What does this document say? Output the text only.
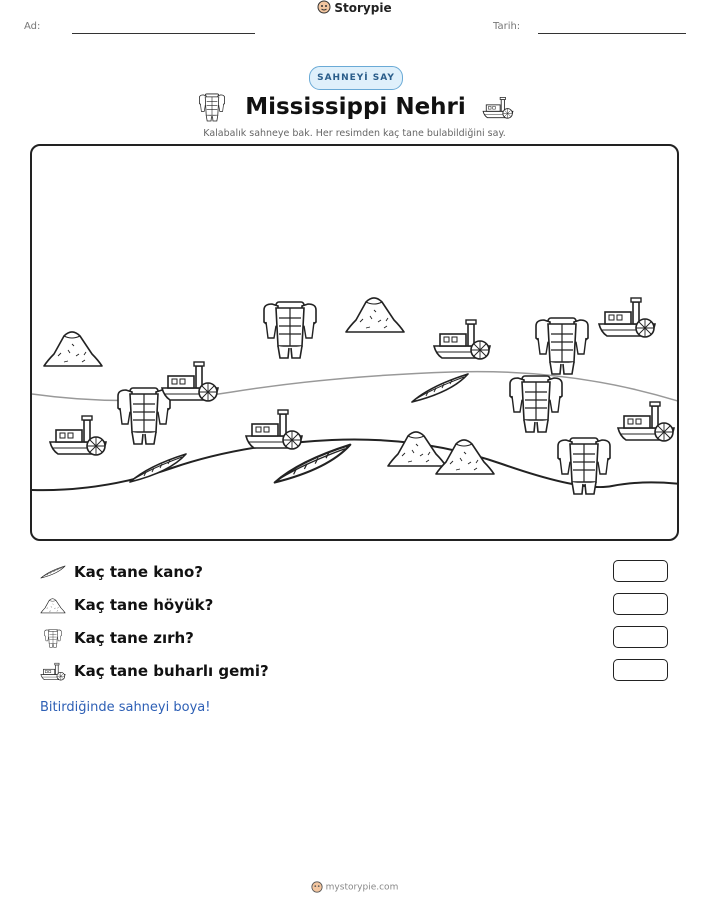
Ad:
Storypie
Tarih:
SAHNEYİ SAY
Mississippi Nehri
Kalabalık sahneye bak. Her resimden kaç tane bulabildiğini say.
Kaç tane kano?
Kaç tane höyük?
Kaç tane zırh?
Kaç tane buharlı gemi?
Bitirdiğinde sahneyi boya!
mystorypie.com
